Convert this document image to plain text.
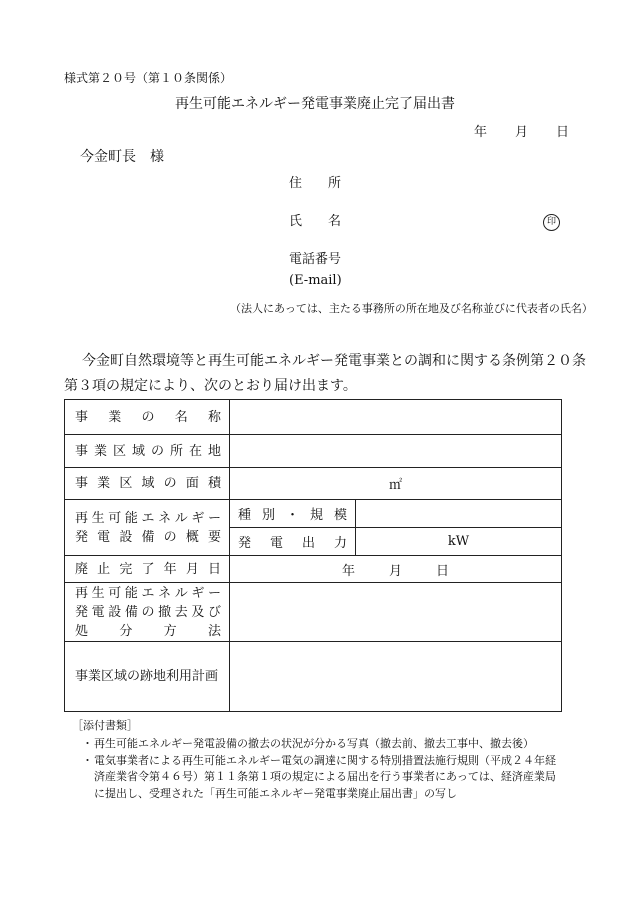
様式第２０号（第１０条関係）
再生可能エネルギー発電事業廃止完了届出書
年 月 日
今金町長　様
住　　所
氏　　名	印
電話番号
(E-mail)
（法人にあっては、主たる事務所の所在地及び名称並びに代表者の氏名）
今金町自然環境等と再生可能エネルギー発電事業との調和に関する条例第２０条
第３項の規定により、次のとおり届け出ます。
事業の名称		
事業区域の所在地		
事業区域の面積	㎡	

再生可能エネルギー
発電設備の概要	種別・規模	
	発電出力	kW
廃止完了年月日	年 月 日	

再生可能エネルギー
発電設備の撤去及び
処分方法		

事業区域の跡地利用計画		
［添付書類］
・ 再生可能エネルギー発電設備の撤去の状況が分かる写真（撤去前、撤去工事中、撤去後）
・ 電気事業者による再生可能エネルギー電気の調達に関する特別措置法施行規則（平成２４年経済産業省令第４６号）第１１条第１項の規定による届出を行う事業者にあっては、経済産業局に提出し、受理された「再生可能エネルギー発電事業廃止届出書」の写し
